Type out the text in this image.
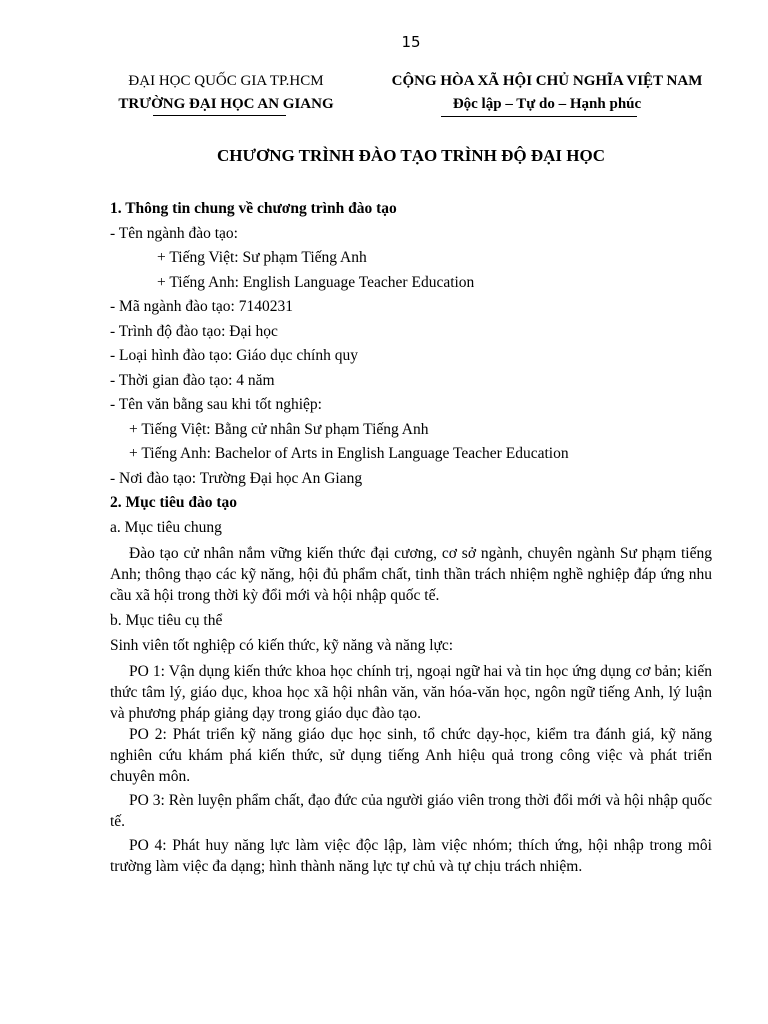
15
ĐẠI HỌC QUỐC GIA TP.HCM
TRƯỜNG ĐẠI HỌC AN GIANG
CỘNG HÒA XÃ HỘI CHỦ NGHĨA VIỆT NAM
Độc lập – Tự do – Hạnh phúc
CHƯƠNG TRÌNH ĐÀO TẠO TRÌNH ĐỘ ĐẠI HỌC

1. Thông tin chung về chương trình đào tạo

- Tên ngành đào tạo:

+ Tiếng Việt: Sư phạm Tiếng Anh

+ Tiếng Anh: English Language Teacher Education

- Mã ngành đào tạo: 7140231

- Trình độ đào tạo: Đại học

- Loại hình đào tạo: Giáo dục chính quy

- Thời gian đào tạo: 4 năm

- Tên văn bằng sau khi tốt nghiệp:

+ Tiếng Việt: Bằng cử nhân Sư phạm Tiếng Anh

+ Tiếng Anh: Bachelor of Arts in English Language Teacher Education

- Nơi đào tạo: Trường Đại học An Giang

2. Mục tiêu đào tạo

a. Mục tiêu chung

Đào tạo cử nhân nắm vững kiến thức đại cương, cơ sở ngành, chuyên ngành Sư phạm tiếng Anh; thông thạo các kỹ năng, hội đủ phẩm chất, tinh thần trách nhiệm nghề nghiệp đáp ứng nhu cầu xã hội trong thời kỳ đổi mới và hội nhập quốc tế.

b. Mục tiêu cụ thể

Sinh viên tốt nghiệp có kiến thức, kỹ năng và năng lực:

PO 1: Vận dụng kiến thức khoa học chính trị, ngoại ngữ hai và tin học ứng dụng cơ bản; kiến thức tâm lý, giáo dục, khoa học xã hội nhân văn, văn hóa-văn học, ngôn ngữ tiếng Anh, lý luận và phương pháp giảng dạy trong giáo dục đào tạo.

PO 2: Phát triển kỹ năng giáo dục học sinh, tổ chức dạy-học, kiểm tra đánh giá, kỹ năng nghiên cứu khám phá kiến thức, sử dụng tiếng Anh hiệu quả trong công việc và phát triển chuyên môn.

PO 3: Rèn luyện phẩm chất, đạo đức của người giáo viên trong thời đổi mới và hội nhập quốc tế.

PO 4: Phát huy năng lực làm việc độc lập, làm việc nhóm; thích ứng, hội nhập trong môi trường làm việc đa dạng; hình thành năng lực tự chủ và tự chịu trách nhiệm.
